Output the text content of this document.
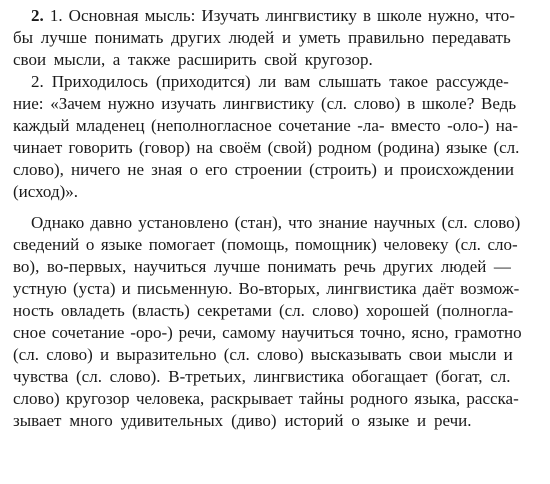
2. 1. Основная мысль: Изучать лингвистику в школе нужно, что-
бы лучше понимать других людей и уметь правильно передавать
свои мысли, а также расширить свой кругозор.
2. Приходилось (приходится) ли вам слышать такое рассужде-
ние: «Зачем нужно изучать лингвистику (сл. слово) в школе? Ведь
каждый младенец (неполногласное сочетание -ла- вместо -оло-) на-
чинает говорить (говор) на своём (свой) родном (родина) языке (сл.
слово), ничего не зная о его строении (строить) и происхождении
(исход)».
Однако давно установлено (стан), что знание научных (сл. слово)
сведений о языке помогает (помощь, помощник) человеку (сл. сло-
во), во-первых, научиться лучше понимать речь других людей —
устную (уста) и письменную. Во-вторых, лингвистика даёт возмож-
ность овладеть (власть) секретами (сл. слово) хорошей (полногла-
сное сочетание -оро-) речи, самому научиться точно, ясно, грамотно
(сл. слово) и выразительно (сл. слово) высказывать свои мысли и
чувства (сл. слово). В-третьих, лингвистика обогащает (богат, сл.
слово) кругозор человека, раскрывает тайны родного языка, расска-
зывает много удивительных (диво) историй о языке и речи.
